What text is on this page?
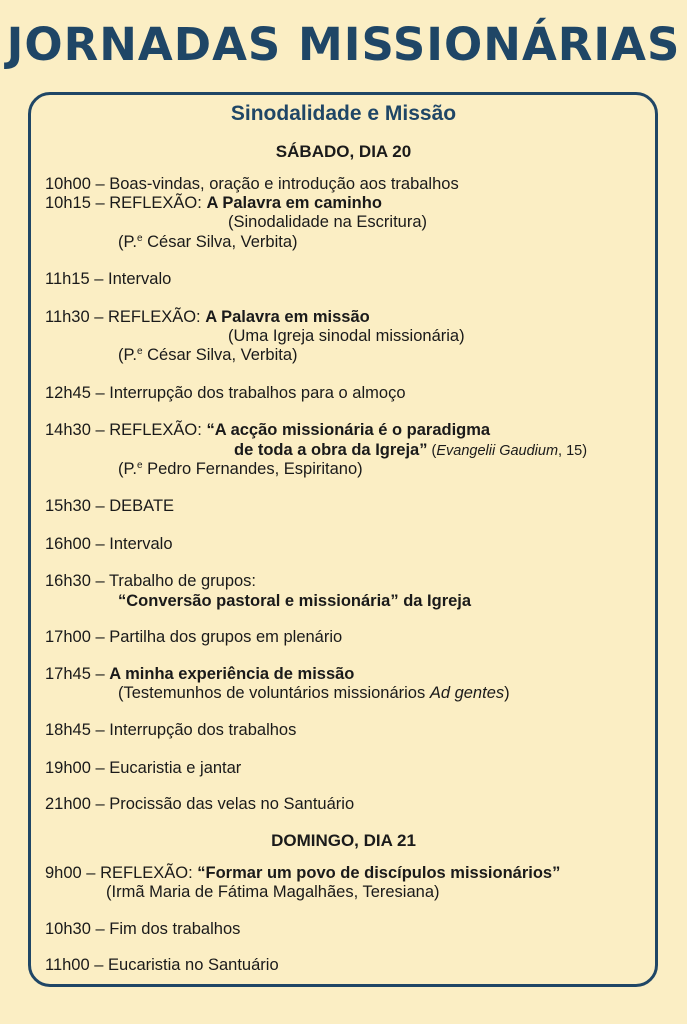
JORNADAS MISSIONÁRIAS
Sinodalidade e Missão
SÁBADO, DIA 20
10h00 – Boas-vindas, oração e introdução aos trabalhos
10h15 – REFLEXÃO: A Palavra em caminho
(Sinodalidade na Escritura)
(P.$^e$ César Silva, Verbita)
11h15 – Intervalo
11h30 – REFLEXÃO: A Palavra em missão
(Uma Igreja sinodal missionária)
(P.$^e$ César Silva, Verbita)
12h45 – Interrupção dos trabalhos para o almoço
14h30 – REFLEXÃO: “A acção missionária é o paradigma
de toda a obra da Igreja” (Evangelii Gaudium, 15)
(P.$^e$ Pedro Fernandes, Espiritano)
15h30 – DEBATE
16h00 – Intervalo
16h30 – Trabalho de grupos:
“Conversão pastoral e missionária” da Igreja
17h00 – Partilha dos grupos em plenário
17h45 – A minha experiência de missão
(Testemunhos de voluntários missionários Ad gentes)
18h45 – Interrupção dos trabalhos
19h00 – Eucaristia e jantar
21h00 – Procissão das velas no Santuário
DOMINGO, DIA 21
9h00 – REFLEXÃO: “Formar um povo de discípulos missionários”
(Irmã Maria de Fátima Magalhães, Teresiana)
10h30 – Fim dos trabalhos
11h00 – Eucaristia no Santuário
